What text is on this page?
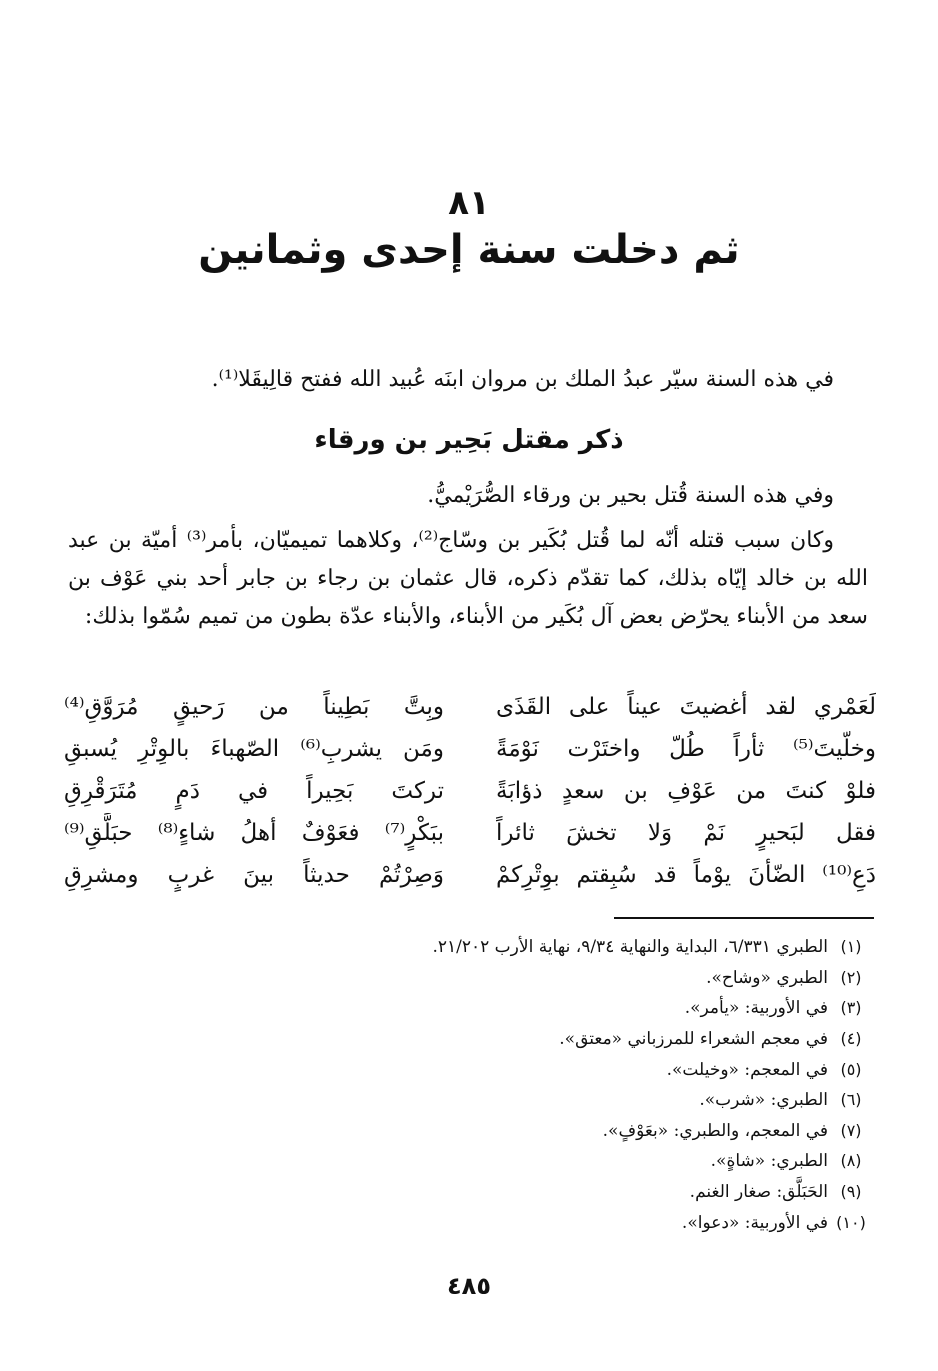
٨١
ثم دخلت سنة إحدى وثمانين

في هذه السنة سيّر عبدُ الملك بن مروان ابنَه عُبيد الله ففتح قالِيقَلا⁽¹⁾.

ذكر مقتل بَحِير بن ورقاء

وفي هذه السنة قُتل بحير بن ورقاء الصُّرَيْميُّ.

وكان سبب قتله أنّه لما قُتل بُكَير بن وسّاج⁽²⁾، وكلاهما تميميّان، بأمر⁽³⁾ أميّة بن عبد الله بن خالد إيّاه بذلك، كما تقدّم ذكره، قال عثمان بن رجاء بن جابر أحد بني عَوْف بن سعد من الأبناء يحرّض بعض آل بُكَير من الأبناء، والأبناء عدّة بطون من تميم سُمّوا بذلك:

لَعَمْري لقد أغضيتَ عيناً على القَذَى
وبِتَّ بَطِيناً من رَحيقٍ مُرَوَّقِ⁽⁴⁾
وخلّيتَ⁽⁵⁾ ثأراً طُلّ واختَرْت نَوْمَةً
ومَن يشربِ⁽⁶⁾ الصّهباءَ بالوِتْرِ يُسبقِ
فلوْ كنتَ من عَوْفِ بن سعدٍ ذؤابَةً
تركتَ بَحِيراً في دَمٍ مُتَرَقْرِقِ
فقل لبَحيرٍ نَمْ وَلا تخشَ ثائراً
ببَكْرٍ⁽⁷⁾ فعَوْفٌ أهلُ شاءٍ⁽⁸⁾ حبَلَّقِ⁽⁹⁾
دَعِ⁽¹⁰⁾ الضّأنَ يوْماً قد سُبِقتم بوِتْرِكمْ
وَصِرْتُمْ حديثاً بينَ غربٍ ومشرِقِ
(١)
الطبري ٦/٣٣١، البداية والنهاية ٩/٣٤، نهاية الأرب ٢١/٢٠٢.
(٢)
الطبري «وشاح».
(٣)
في الأوربية: «يأمر».
(٤)
في معجم الشعراء للمرزباني «معتق».
(٥)
في المعجم: «وخيلت».
(٦)
الطبري: «شرب».
(٧)
في المعجم، والطبري: «بعَوْفٍ».
(٨)
الطبري: «شاةٍ».
(٩)
الحَبَلَّق: صغار الغنم.
(١٠)
في الأوربية: «دعوا».
٤٨٥
